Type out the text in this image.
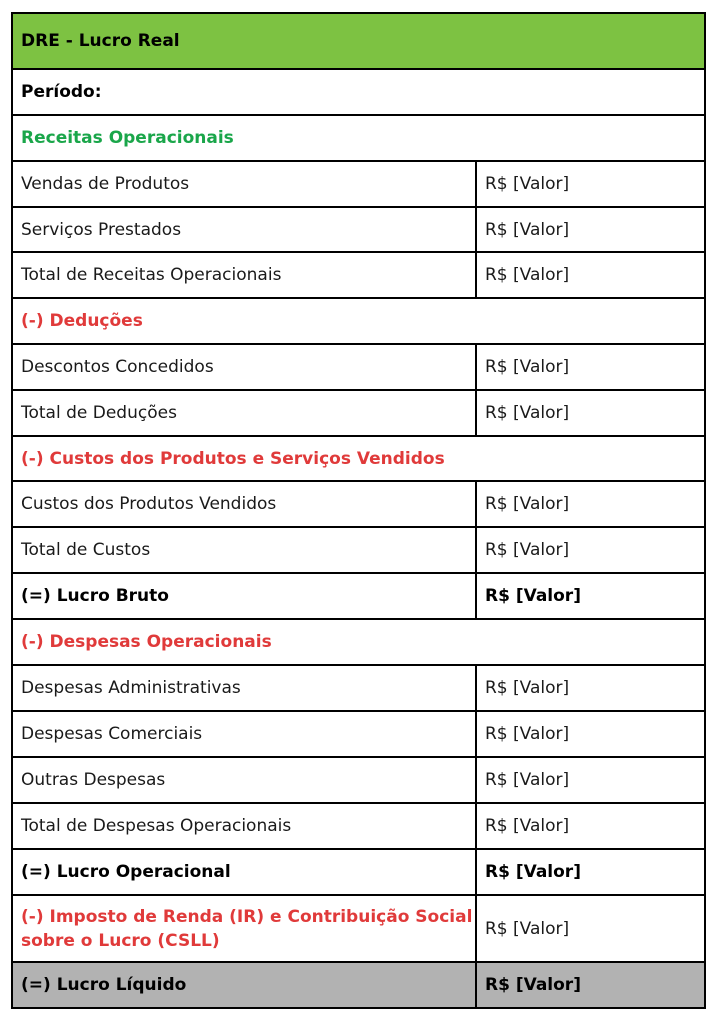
DRE - Lucro Real	
Período:	
Receitas Operacionais	
Vendas de Produtos	R$ [Valor]
Serviços Prestados	R$ [Valor]
Total de Receitas Operacionais	R$ [Valor]
(-) Deduções	
Descontos Concedidos	R$ [Valor]
Total de Deduções	R$ [Valor]
(-) Custos dos Produtos e Serviços Vendidos	
Custos dos Produtos Vendidos	R$ [Valor]
Total de Custos	R$ [Valor]
(=) Lucro Bruto	R$ [Valor]
(-) Despesas Operacionais	
Despesas Administrativas	R$ [Valor]
Despesas Comerciais	R$ [Valor]
Outras Despesas	R$ [Valor]
Total de Despesas Operacionais	R$ [Valor]
(=) Lucro Operacional	R$ [Valor]
(-) Imposto de Renda (IR) e Contribuição Social sobre o Lucro (CSLL)	R$ [Valor]
(=) Lucro Líquido	R$ [Valor]
